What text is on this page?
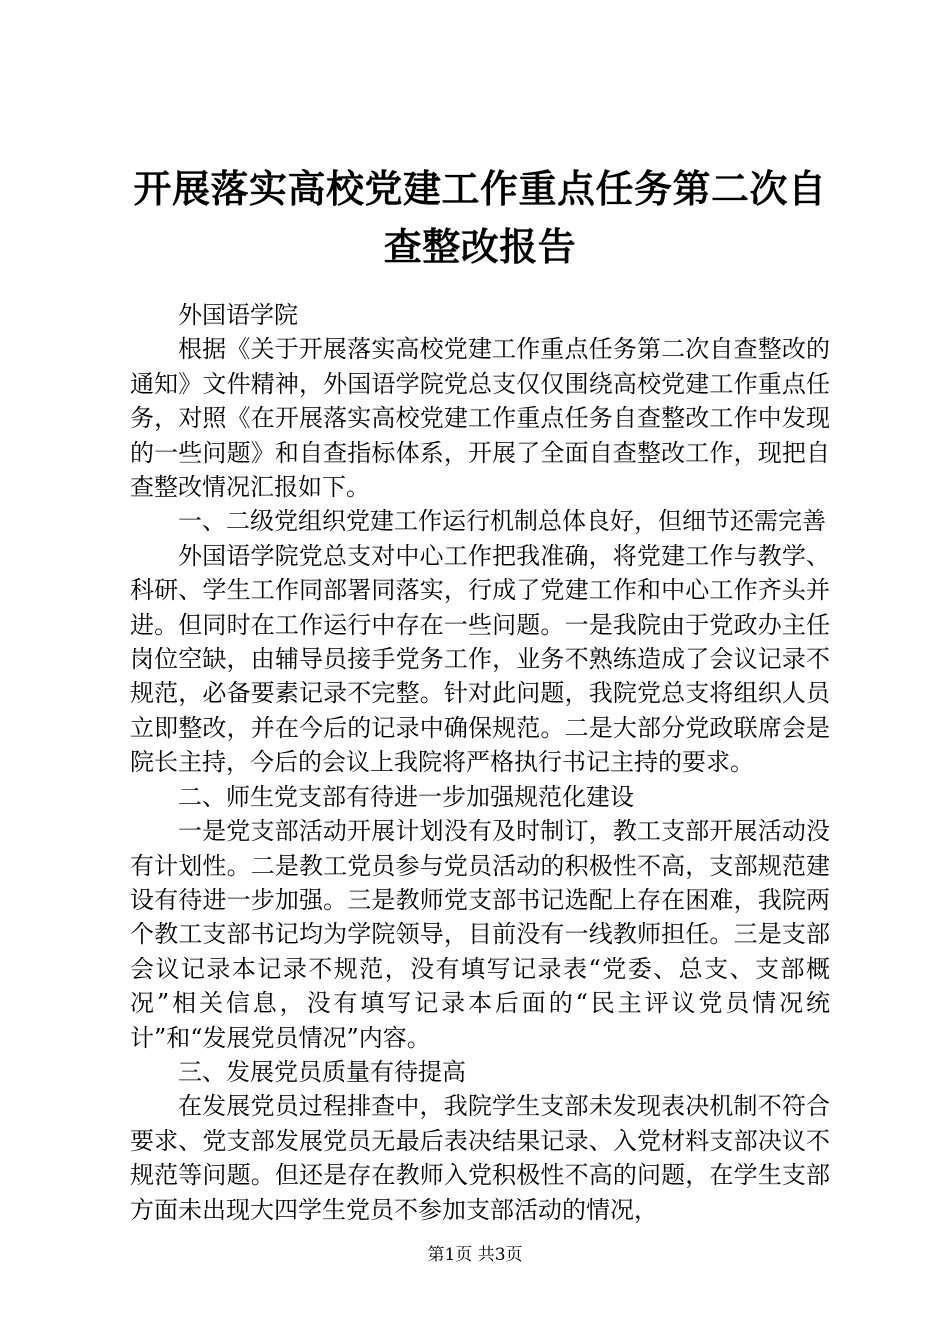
开展落实高校党建工作重点任务第二次自查整改报告

外国语学院

根据《关于开展落实高校党建工作重点任务第二次自查整改的通知》文件精神，外国语学院党总支仅仅围绕高校党建工作重点任务，对照《在开展落实高校党建工作重点任务自查整改工作中发现的一些问题》和自查指标体系，开展了全面自查整改工作，现把自查整改情况汇报如下。

一、二级党组织党建工作运行机制总体良好，但细节还需完善

外国语学院党总支对中心工作把我准确，将党建工作与教学、科研、学生工作同部署同落实，行成了党建工作和中心工作齐头并进。但同时在工作运行中存在一些问题。一是我院由于党政办主任岗位空缺，由辅导员接手党务工作，业务不熟练造成了会议记录不规范，必备要素记录不完整。针对此问题，我院党总支将组织人员立即整改，并在今后的记录中确保规范。二是大部分党政联席会是院长主持，今后的会议上我院将严格执行书记主持的要求。

二、师生党支部有待进一步加强规范化建设

一是党支部活动开展计划没有及时制订，教工支部开展活动没有计划性。二是教工党员参与党员活动的积极性不高，支部规范建设有待进一步加强。三是教师党支部书记选配上存在困难，我院两个教工支部书记均为学院领导，目前没有一线教师担任。三是支部会议记录本记录不规范，没有填写记录表“党委、总支、支部概况”相关信息，没有填写记录本后面的“民主评议党员情况统计”和“发展党员情况”内容。

三、发展党员质量有待提高

在发展党员过程排查中，我院学生支部未发现表决机制不符合要求、党支部发展党员无最后表决结果记录、入党材料支部决议不规范等问题。但还是存在教师入党积极性不高的问题，在学生支部方面未出现大四学生党员不参加支部活动的情况，

第1页 共3页
